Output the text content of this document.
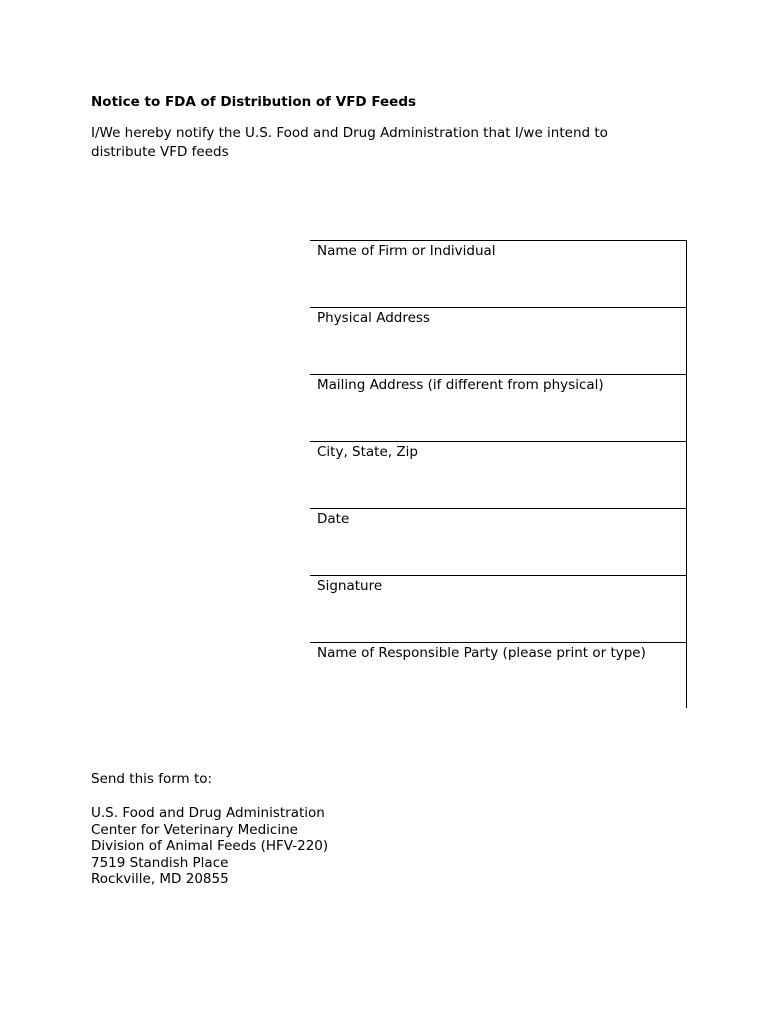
Notice to FDA of Distribution of VFD Feeds
I/We hereby notify the U.S. Food and Drug Administration that I/we intend to distribute VFD feeds
Name of Firm or Individual
Physical Address
Mailing Address (if different from physical)
City, State, Zip
Date
Signature
Name of Responsible Party (please print or type)
Send this form to:
U.S. Food and Drug Administration
Center for Veterinary Medicine
Division of Animal Feeds (HFV-220)
7519 Standish Place
Rockville, MD 20855
